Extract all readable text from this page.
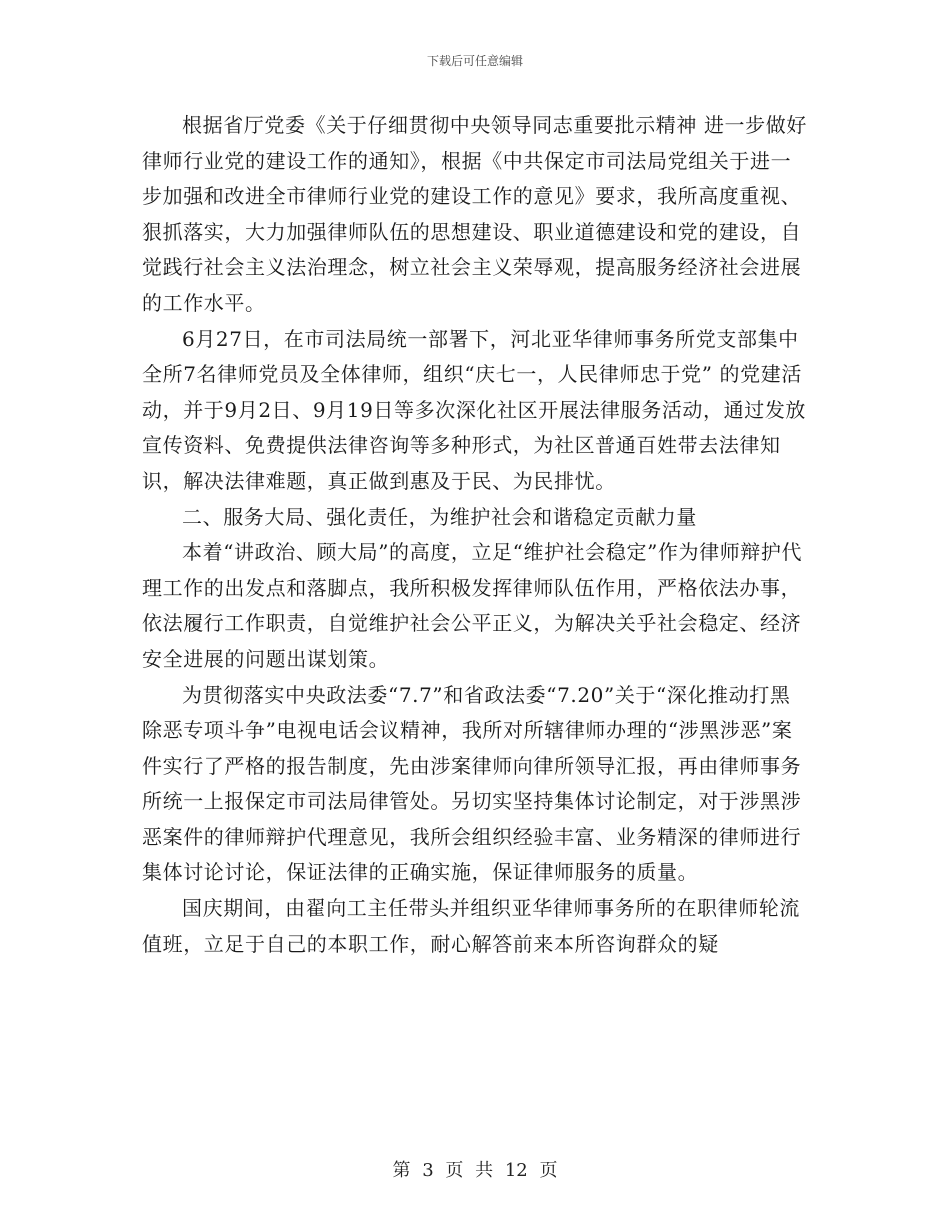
下载后可任意编辑

根据省厅党委《关于仔细贯彻中央领导同志重要批示精神 进一步做好律师行业党的建设工作的通知》，根据《中共保定市司法局党组关于进一步加强和改进全市律师行业党的建设工作的意见》要求，我所高度重视、狠抓落实，大力加强律师队伍的思想建设、职业道德建设和党的建设，自觉践行社会主义法治理念，树立社会主义荣辱观，提高服务经济社会进展的工作水平。

6月27日，在市司法局统一部署下，河北亚华律师事务所党支部集中全所7名律师党员及全体律师，组织“庆七一，人民律师忠于党” 的党建活动，并于9月2日、9月19日等多次深化社区开展法律服务活动，通过发放宣传资料、免费提供法律咨询等多种形式，为社区普通百姓带去法律知识，解决法律难题，真正做到惠及于民、为民排忧。

二、服务大局、强化责任，为维护社会和谐稳定贡献力量

本着“讲政治、顾大局”的高度，立足“维护社会稳定”作为律师辩护代理工作的出发点和落脚点，我所积极发挥律师队伍作用，严格依法办事，依法履行工作职责，自觉维护社会公平正义，为解决关乎社会稳定、经济安全进展的问题出谋划策。

为贯彻落实中央政法委“7.7”和省政法委“7.20”关于“深化推动打黑除恶专项斗争”电视电话会议精神，我所对所辖律师办理的“涉黑涉恶”案件实行了严格的报告制度，先由涉案律师向律所领导汇报，再由律师事务所统一上报保定市司法局律管处。另切实坚持集体讨论制定，对于涉黑涉恶案件的律师辩护代理意见，我所会组织经验丰富、业务精深的律师进行集体讨论讨论，保证法律的正确实施，保证律师服务的质量。

国庆期间，由翟向工主任带头并组织亚华律师事务所的在职律师轮流值班，立足于自己的本职工作，耐心解答前来本所咨询群众的疑

第 3 页 共 12 页
